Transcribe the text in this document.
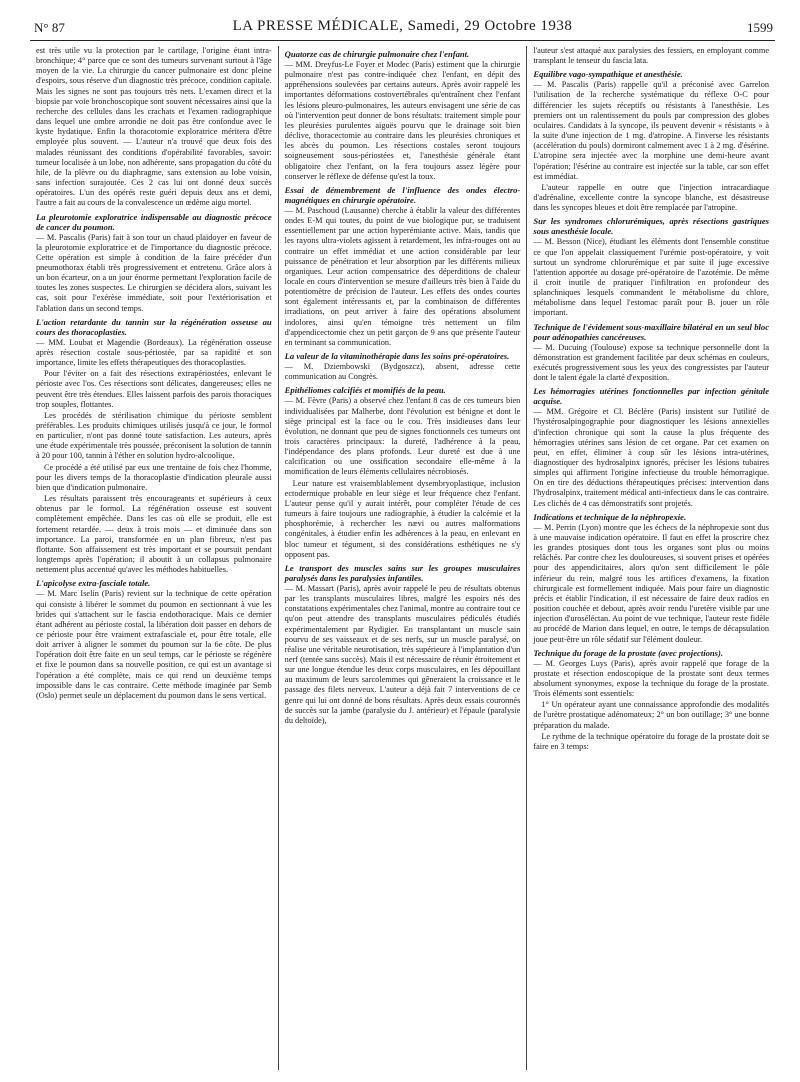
N° 87	LA PRESSE MÉDICALE, Samedi, 29 Octobre 1938	1599

est très utile vu la protection par le cartilage, l'origine étant intra-bronchique; 4° parce que ce sont des tumeurs survenant surtout à l'âge moyen de la vie. La chirurgie du cancer pulmonaire est donc pleine d'espoirs, sous réserve d'un diagnostic très précoce, condition capitale. Mais les signes ne sont pas toujours très nets. L'examen direct et la biopsie par voie bronchoscopique sont souvent nécessaires ainsi que la recherche des cellules dans les crachats et l'examen radiographique dans lequel une ombre arrondie ne doit pas être confondue avec le kyste hydatique. Enfin la thoracotomie exploratrice méritera d'être employée plus souvent. — L'auteur n'a trouvé que deux fois des malades réunissant des conditions d'opérabilité favorables, savoir: tumeur localisée à un lobe, non adhérente, sans propagation du côté du hile, de la plèvre ou du diaphragme, sans extension au lobe voisin, sans infection surajoutée. Ces 2 cas lui ont donné deux succès opératoires. L'un des opérés reste guéri depuis deux ans et demi, l'autre a fait au cours de la convalescence un œdème aigu mortel.

La pleurotomie exploratrice indispensable au diagnostic précoce de cancer du poumon.

— M. Pascalis (Paris) fait à son tour un chaud plaidoyer en faveur de la pleurotomie exploratrice et de l'importance du diagnostic précoce. Cette opération est simple à condition de la faire précéder d'un pneumothorax établi très progressivement et entretenu. Grâce alors à un bon écarteur, on a un jour énorme permettant l'exploration facile de toutes les zones suspectes. Le chirurgien se décidera alors, suivant les cas, soit pour l'exérèse immédiate, soit pour l'extériorisation et l'ablation dans un second temps.

L'action retardante du tannin sur la régénération osseuse au cours des thoracoplasties.

— MM. Loubat et Magendie (Bordeaux). La régénération osseuse après résection costale sous-périostée, par sa rapidité et son importance, limite les effets thérapeutiques des thoracoplasties.

Pour l'éviter on a fait des résections extrapériostées, enlevant le périoste avec l'os. Ces résections sont délicates, dangereuses; elles ne peuvent être très étendues. Elles laissent parfois des parois thoraciques trop souples, flottantes.

Les procédés de stérilisation chimique du périoste semblent préférables. Les produits chimiques utilisés jusqu'à ce jour, le formol en particulier, n'ont pas donné toute satisfaction. Les auteurs, après une étude expérimentale très poussée, préconisent la solution de tannin à 20 pour 100, tannin à l'éther en solution hydro-alcoolique.

Ce procédé a été utilisé par eux une trentaine de fois chez l'homme, pour les divers temps de la thoracoplastie d'indication pleurale aussi bien que d'indication pulmonaire.

Les résultats paraissent très encourageants et supérieurs à ceux obtenus par le formol. La régénération osseuse est souvent complètement empêchée. Dans les cas où elle se produit, elle est fortement retardée. — deux à trois mois — et diminuée dans son importance. La paroi, transformée en un plan fibreux, n'est pas flottante. Son affaissement est très important et se poursuit pendant longtemps après l'opération; il aboutit à un collapsus pulmonaire nettement plus accentué qu'avec les méthodes habituelles.

L'apicolyse extra-fasciale totale.

— M. Marc Iselin (Paris) revient sur la technique de cette opération qui consiste à libérer le sommet du poumon en sectionnant à vue les brides qui s'attachent sur le fascia endothoracique. Mais ce dernier étant adhérent au périoste costal, la libération doit passer en dehors de ce périoste pour être vraiment extrafasciale et, pour être totale, elle doit arriver à aligner le sommet du poumon sur la 6e côte. De plus l'opération doit être faite en un seul temps, car le périoste se régénère et fixe le poumon dans sa nouvelle position, ce qui est un avantage si l'opération a été complète, mais ce qui rend un deuxième temps impossible dans le cas contraire. Cette méthode imaginée par Semb (Oslo) permet seule un déplacement du poumon dans le sens vertical.

Quatorze cas de chirurgie pulmonaire chez l'enfant.

— MM. Dreyfus-Le Foyer et Modec (Paris) estiment que la chirurgie pulmonaire n'est pas contre-indiquée chez l'enfant, en dépit des appréhensions soulevées par certains auteurs. Après avoir rappelé les importantes déformations costovertébrales qu'entraînent chez l'enfant les lésions pleuro-pulmonaires, les auteurs envisagent une série de cas où l'intervention peut donner de bons résultats: traitement simple pour les pleurésies purulentes aiguës pourvu que le drainage soit bien déclive, thoracectomie au contraire dans les pleurésies chroniques et les abcès du poumon. Les résections costales seront toujours soigneusement sous-périostées et, l'anesthésie générale étant obligatoire chez l'enfant, on la fera toujours assez légère pour conserver le réflexe de défense qu'est la toux.

Essai de démembrement de l'influence des ondes électro-magnétiques en chirurgie opératoire.

— M. Paschoud (Lausanne) cherche à établir la valeur des différentes ondes E-M qui toutes, du point de vue biologique pur, se traduisent essentiellement par une action hyperémiante active. Mais, tandis que les rayons ultra-violets agissent à retardement, les infra-rouges ont au contraire un effet immédiat et une action considérable par leur puissance de pénétration et leur absorption par les différents milieux organiques. Leur action compensatrice des déperditions de chaleur locale en cours d'intervention se mesure d'ailleurs très bien à l'aide du potentiomètre de précision de l'auteur. Les effets des ondes courtes sont également intéressants et, par la combinaison de différentes irradiations, on peut arriver à faire des opérations absolument indolores, ainsi qu'en témoigne très nettement un film d'appendicectomie chez un petit garçon de 9 ans que présente l'auteur en terminant sa communication.

La valeur de la vitaminothérapie dans les soins pré-opératoires.

— M. Dziembowski (Bydgoszcz), absent, adresse cette communication au Congrès.

Epithéliomes calcifiés et momifiés de la peau.

— M. Fèvre (Paris) a observé chez l'enfant 8 cas de ces tumeurs bien individualisées par Malherbe, dont l'évolution est bénigne et dont le siège principal est la face ou le cou. Très insidieuses dans leur évolution, ne donnant que peu de signes fonctionnels ces tumeurs ont trois caractères principaux: la dureté, l'adhérence à la peau, l'indépendance des plans profonds. Leur dureté est due à une calcification ou une ossification secondaire elle-même à la momification de leurs éléments cellulaires nécrobiosés.

Leur nature est vraisemblablement dysembryoplastique, inclusion ectodermique probable en leur siège et leur fréquence chez l'enfant. L'auteur pense qu'il y aurait intérêt, pour compléter l'étude de ces tumeurs à faire toujours une radiographie, à étudier la calcémie et la phosphorémie, à rechercher les nævi ou autres malformations congénitales, à étudier enfin les adhérences à la peau, en enlevant en bloc tumeur et tégument, si des considérations esthétiques ne s'y opposent pas.

Le transport des muscles sains sur les groupes musculaires paralysés dans les paralysies infantiles.

— M. Massart (Paris), après avoir rappelé le peu de résultats obtenus par les transplants musculaires libres, malgré les espoirs nés des constatations expérimentales chez l'animal, montre au contraire tout ce qu'on peut attendre des transplants musculaires pédiculés étudiés expérimentalement par Rydigier. En transplantant un muscle sain pourvu de ses vaisseaux et de ses nerfs, sur un muscle paralysé, on réalise une véritable neurotisation, très supérieure à l'implantation d'un nerf (tentée sans succès). Mais il est nécessaire de réunir étroitement et sur une longue étendue les deux corps musculaires, en les dépouillant au maximum de leurs sarcolemmes qui gêneraient la croissance et le passage des filets nerveux. L'auteur a déjà fait 7 interventions de ce genre qui lui ont donné de bons résultats. Après deux essais couronnés de succès sur la jambe (paralysie du J. antérieur) et l'épaule (paralysie du deltoïde),

l'auteur s'est attaqué aux paralysies des fessiers, en employant comme transplant le tenseur du fascia lata.

Equilibre vago-sympathique et anesthésie.

— M. Pascalis (Paris) rappelle qu'il a préconisé avec Garrelon l'utilisation de la recherche systématique du réflexe O-C pour différencier les sujets réceptifs ou résistants à l'anesthésie. Les premiers ont un ralentissement du pouls par compression des globes oculaires. Candidats à la syncope, ils peuvent devenir « résistants » à la suite d'une injection de 1 mg. d'atropine. A l'inverse les résistants (accélération du pouls) dormiront calmement avec 1 à 2 mg. d'ésérine. L'atropine sera injectée avec la morphine une demi-heure avant l'opération; l'ésérine au contraire est injectée sur la table, car son effet est immédiat.

L'auteur rappelle en outre que l'injection intracardiaque d'adrénaline, excellente contre la syncope blanche, est désastreuse dans les syncopes bleues et doit être remplacée par l'atropine.

Sur les syndromes chlorurémiques, après résections gastriques sous anesthésie locale.

— M. Besson (Nice), étudiant les éléments dont l'ensemble constitue ce que l'on appelait classiquement l'urémie post-opératoire, y voit surtout un syndrome chlorurémique et par suite il juge excessive l'attention apportée au dosage pré-opératoire de l'azotémie. De même il croit inutile de pratiquer l'infiltration en profondeur des splanchniques lesquels commandent le métabolisme du chlore, métabolisme dans lequel l'estomac paraît pour B. jouer un rôle important.

Technique de l'évidement sous-maxillaire bilatéral en un seul bloc pour adénopathies cancéreuses.

— M. Ducuing (Toulouse) expose sa technique personnelle dont la démonstration est grandement facilitée par deux schémas en couleurs, exécutés progressivement sous les yeux des congressistes par l'auteur dont le talent égale la clarté d'exposition.

Les hémorragies utérines fonctionnelles par infection génitale acquise.

— MM. Grégoire et Cl. Béclère (Paris) insistent sur l'utilité de l'hystérosalpingographie pour diagnostiquer les lésions annexielles d'infection chronique qui sont la cause la plus fréquente des hémorragies utérines sans lésion de cet organe. Par cet examen on peut, en effet, éliminer à coup sûr les lésions intra-utérines, diagnostiquer des hydrosalpinx ignorés, préciser les lésions tubaires simples qui affirment l'origine infectieuse du trouble hémorragique. On en tire des déductions thérapeutiques précises: intervention dans l'hydrosalpinx, traitement médical anti-infectieux dans le cas contraire. Les clichés de 4 cas démonstratifs sont projetés.

Indications et technique de la néphropexie.

— M. Perrin (Lyon) montre que les échecs de la néphropexie sont dus à une mauvaise indication opératoire. Il faut en effet la proscrire chez les grandes ptosiques dont tous les organes sont plus ou moins relâchés. Par contre chez les douloureuses, si souvent prises et opérées pour des appendicitaires, alors qu'on sent difficilement le pôle inférieur du rein, malgré tous les artifices d'examens, la fixation chirurgicale est formellement indiquée. Mais pour faire un diagnostic précis et établir l'indication, il est nécessaire de faire deux radios en position couchée et debout, après avoir rendu l'uretère visible par une injection d'uroséléctan. Au point de vue technique, l'auteur reste fidèle au procédé de Marion dans lequel, en outre, le temps de décapsulation joue peut-être un rôle sédatif sur l'élément douleur.

Technique du forage de la prostate (avec projections).

— M. Georges Luys (Paris), après avoir rappelé que forage de la prostate et résection endoscopique de la prostate sont deux termes absolument synonymes, expose la technique du forage de la prostate. Trois éléments sont essentiels:

1° Un opérateur ayant une connaissance approfondie des modalités de l'urètre prostatique adénomateux; 2° un bon outillage; 3° une bonne préparation du malade.

Le rythme de la technique opératoire du forage de la prostate doit se faire en 3 temps:
